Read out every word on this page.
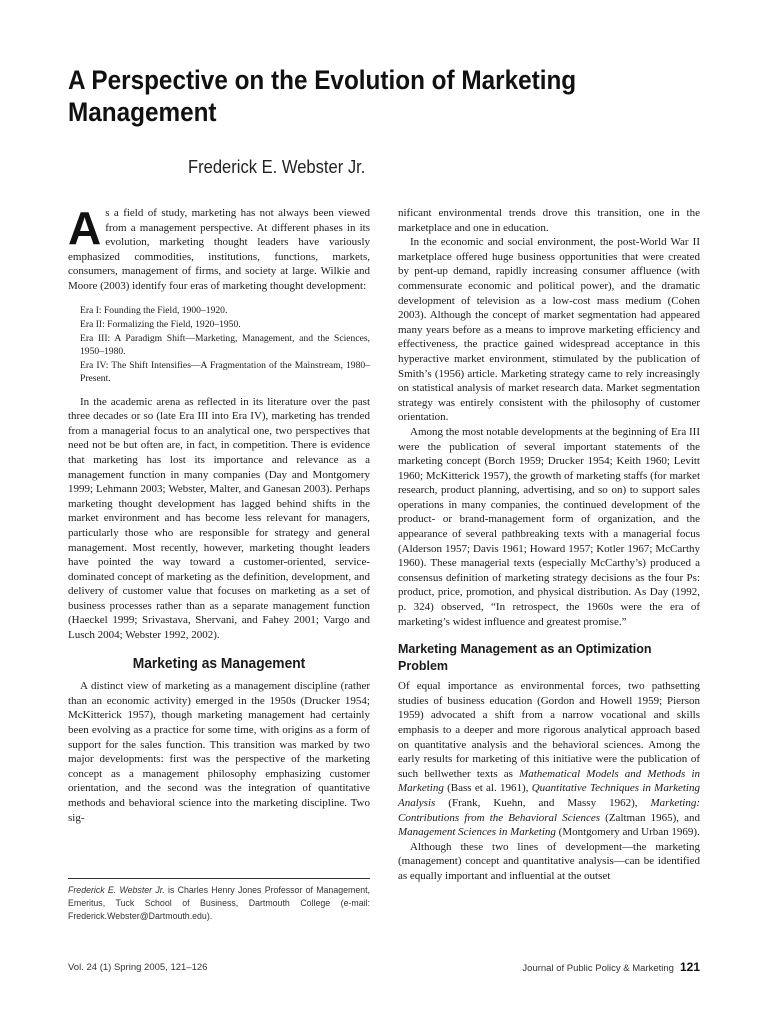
A Perspective on the Evolution of Marketing Management
Frederick E. Webster Jr.

As a field of study, marketing has not always been viewed from a management perspective. At different phases in its evolution, marketing thought leaders have variously emphasized commodities, institutions, functions, markets, consumers, management of firms, and society at large. Wilkie and Moore (2003) identify four eras of marketing thought development:

Era I: Founding the Field, 1900–1920.
Era II: Formalizing the Field, 1920–1950.
Era III: A Paradigm Shift—Marketing, Management, and the Sciences, 1950–1980.
Era IV: The Shift Intensifies—A Fragmentation of the Mainstream, 1980–Present.

In the academic arena as reflected in its literature over the past three decades or so (late Era III into Era IV), marketing has trended from a managerial focus to an analytical one, two perspectives that need not be but often are, in fact, in competition. There is evidence that marketing has lost its importance and relevance as a management function in many companies (Day and Montgomery 1999; Lehmann 2003; Webster, Malter, and Ganesan 2003). Perhaps marketing thought development has lagged behind shifts in the market environment and has become less relevant for managers, particularly those who are responsible for strategy and general management. Most recently, however, marketing thought leaders have pointed the way toward a customer-oriented, service-dominated concept of marketing as the definition, development, and delivery of customer value that focuses on marketing as a set of business processes rather than as a separate management function (Haeckel 1999; Srivastava, Shervani, and Fahey 2001; Vargo and Lusch 2004; Webster 1992, 2002).

Marketing as Management

A distinct view of marketing as a management discipline (rather than an economic activity) emerged in the 1950s (Drucker 1954; McKitterick 1957), though marketing management had certainly been evolving as a practice for some time, with origins as a form of support for the sales function. This transition was marked by two major developments: first was the perspective of the marketing concept as a management philosophy emphasizing customer orientation, and the second was the integration of quantitative methods and behavioral science into the marketing discipline. Two sig-

nificant environmental trends drove this transition, one in the marketplace and one in education.

In the economic and social environment, the post-World War II marketplace offered huge business opportunities that were created by pent-up demand, rapidly increasing consumer affluence (with commensurate economic and political power), and the dramatic development of television as a low-cost mass medium (Cohen 2003). Although the concept of market segmentation had appeared many years before as a means to improve marketing efficiency and effectiveness, the practice gained widespread acceptance in this hyperactive market environment, stimulated by the publication of Smith’s (1956) article. Marketing strategy came to rely increasingly on statistical analysis of market research data. Market segmentation strategy was entirely consistent with the philosophy of customer orientation.

Among the most notable developments at the beginning of Era III were the publication of several important statements of the marketing concept (Borch 1959; Drucker 1954; Keith 1960; Levitt 1960; McKitterick 1957), the growth of marketing staffs (for market research, product planning, advertising, and so on) to support sales operations in many companies, the continued development of the product- or brand-management form of organization, and the appearance of several pathbreaking texts with a managerial focus (Alderson 1957; Davis 1961; Howard 1957; Kotler 1967; McCarthy 1960). These managerial texts (especially McCarthy’s) produced a consensus definition of marketing strategy decisions as the four Ps: product, price, promotion, and physical distribution. As Day (1992, p. 324) observed, “In retrospect, the 1960s were the era of marketing’s widest influence and greatest promise.”

Marketing Management as an Optimization Problem

Of equal importance as environmental forces, two pathsetting studies of business education (Gordon and Howell 1959; Pierson 1959) advocated a shift from a narrow vocational and skills emphasis to a deeper and more rigorous analytical approach based on quantitative analysis and the behavioral sciences. Among the early results for marketing of this initiative were the publication of such bellwether texts as Mathematical Models and Methods in Marketing (Bass et al. 1961), Quantitative Techniques in Marketing Analysis (Frank, Kuehn, and Massy 1962), Marketing: Contributions from the Behavioral Sciences (Zaltman 1965), and Management Sciences in Marketing (Montgomery and Urban 1969).

Although these two lines of development—the marketing (management) concept and quantitative analysis—can be identified as equally important and influential at the outset

Frederick E. Webster Jr. is Charles Henry Jones Professor of Management, Emeritus, Tuck School of Business, Dartmouth College (e-mail: Frederick.Webster@Dartmouth.edu).
Vol. 24 (1) Spring 2005, 121–126	Journal of Public Policy & Marketing 121
